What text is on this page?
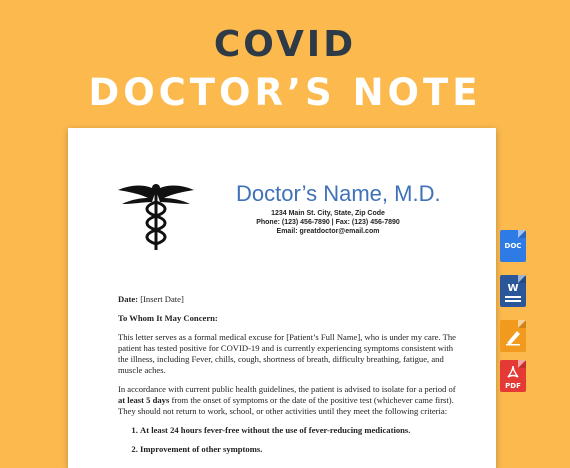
COVID
DOCTOR’S NOTE
Doctor’s Name, M.D.
1234 Main St. City, State, Zip Code
Phone: (123) 456-7890 | Fax: (123) 456-7890
Email: greatdoctor@email.com

Date: [Insert Date]

To Whom It May Concern:

This letter serves as a formal medical excuse for [Patient’s Full Name], who is under my care. The patient has tested positive for COVID-19 and is currently experiencing symptoms consistent with the illness, including Fever, chills, cough, shortness of breath, difficulty breathing, fatigue, and muscle aches.

In accordance with current public health guidelines, the patient is advised to isolate for a period of at least 5 days from the onset of symptoms or the date of the positive test (whichever came first). They should not return to work, school, or other activities until they meet the following criteria:

1. At least 24 hours fever-free without the use of fever-reducing medications.
2. Improvement of other symptoms.
DOC
W
PDF
